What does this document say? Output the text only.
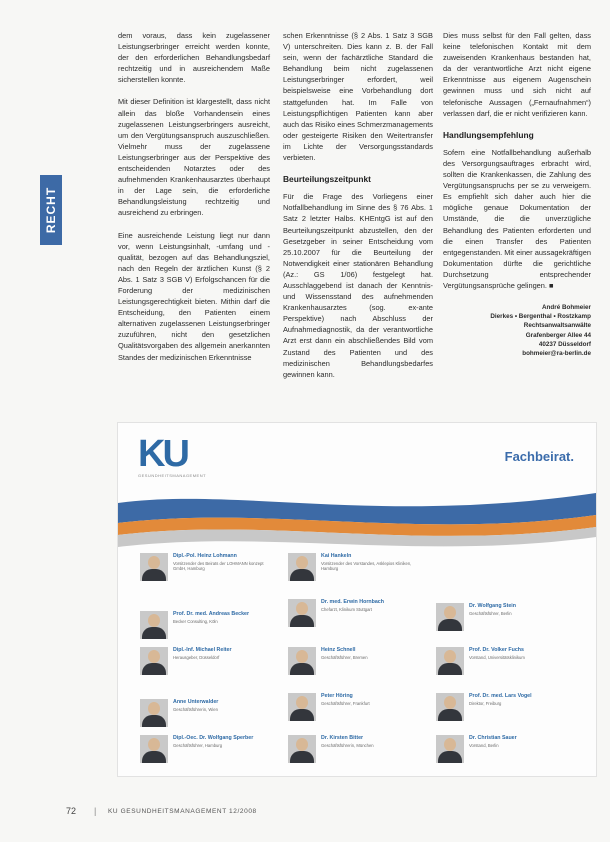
RECHT

dem voraus, dass kein zugelassener Leistungserbringer erreicht werden konnte, der den erforderlichen Behandlungsbedarf rechtzeitig und in ausreichendem Maße sicherstellen konnte.

Mit dieser Definition ist klargestellt, dass nicht allein das bloße Vorhandensein eines zugelassenen Leistungserbringers ausreicht, um den Vergütungsanspruch auszuschließen. Vielmehr muss der zugelassene Leistungserbringer aus der Perspektive des entscheidenden Notarztes oder des aufnehmenden Krankenhausarztes überhaupt in der Lage sein, die erforderliche Behandlungsleistung rechtzeitig und ausreichend zu erbringen.

Eine ausreichende Leistung liegt nur dann vor, wenn Leistungsinhalt, -umfang und -qualität, bezogen auf das Behandlungsziel, nach den Regeln der ärztlichen Kunst (§ 2 Abs. 1 Satz 3 SGB V) Erfolgschancen für die Forderung der medizinischen Leistungsgerechtigkeit bieten. Mithin darf die Entscheidung, den Patienten einem alternativen zugelassenen Leistungserbringer zuzuführen, nicht den gesetzlichen Qualitätsvorgaben des allgemein anerkannten Standes der medizinischen Erkenntnisse

schen Erkenntnisse (§ 2 Abs. 1 Satz 3 SGB V) unterschreiten. Dies kann z. B. der Fall sein, wenn der fachärztliche Standard die Behandlung beim nicht zugelassenen Leistungserbringer erfordert, weil beispielsweise eine Vorbehandlung dort stattgefunden hat. Im Falle von Leistungspflichtigen Patienten kann aber auch das Risiko eines Schmerzmanagements oder gesteigerte Risiken den Weitertransfer im Lichte der Versorgungsstandards verbieten.

Beurteilungszeitpunkt

Für die Frage des Vorliegens einer Notfallbehandlung im Sinne des § 76 Abs. 1 Satz 2 letzter Halbs. KHEntgG ist auf den Beurteilungszeitpunkt abzustellen, den der Gesetzgeber in seiner Entscheidung vom 25.10.2007 für die Beurteilung der Notwendigkeit einer stationären Behandlung (Az.: GS 1/06) festgelegt hat. Ausschlaggebend ist danach der Kenntnis- und Wissensstand des aufnehmenden Krankenhausarztes (sog. ex-ante Perspektive) nach Abschluss der Aufnahmediagnostik, da der verantwortliche Arzt erst dann ein abschließendes Bild vom Zustand des Patienten und des medizinischen Behandlungsbedarfes gewinnen kann.

Dies muss selbst für den Fall gelten, dass keine telefonischen Kontakt mit dem zuweisenden Krankenhaus bestanden hat, da der verantwortliche Arzt nicht eigene Erkenntnisse aus eigenem Augenschein gewinnen muss und sich nicht auf telefonische Aussagen („Fernaufnahmen“) verlassen darf, die er nicht verifizieren kann.

Handlungsempfehlung

Sofern eine Notfallbehandlung außerhalb des Versorgungsauftrages erbracht wird, sollten die Krankenkassen, die Zahlung des Vergütungsanspruchs per se zu verweigern. Es empfiehlt sich daher auch hier die mögliche genaue Dokumentation der Umstände, die die unverzügliche Behandlung des Patienten erforderten und die einen Transfer des Patienten entgegenstanden. Mit einer aussagekräftigen Dokumentation dürfte die gerichtliche Durchsetzung entsprechender Vergütungsansprüche gelingen. ■

André Bohmeier
Dierkes • Bergenthal • Rostzkamp
Rechtsanwaltsanwälte
Grafenberger Allee 44
40237 Düsseldorf
bohmeier@ra-berlin.de
KU
GESUNDHEITSMANAGEMENT
Fachbeirat.
Dipl.-Pol. Heinz Lohmann
Vorsitzender des Beirats der LOHMANN konzept GmbH, Hamburg
Kai Hankeln
Vorsitzender des Vorstandes, Asklepios Kliniken, Hamburg
Prof. Dr. med. Andreas Becker
Becker Consulting, Köln
Dr. med. Erwin Hornbach
Chefarzt, Klinikum Stuttgart
Dr. Wolfgang Stein
Geschäftsführer, Berlin
Dipl.-Inf. Michael Reiter
Herausgeber, Düsseldorf
Heinz Schnell
Geschäftsführer, Bremen
Prof. Dr. Volker Fuchs
Vorstand, Universitätsklinikum
Anne Unterwalder
Geschäftsführerin, Wien
Peter Höring
Geschäftsführer, Frankfurt
Prof. Dr. med. Lars Vogel
Direktor, Freiburg
Dipl.-Oec. Dr. Wolfgang Sperber
Geschäftsführer, Hamburg
Dr. Kirsten Bitter
Geschäftsführerin, München
Dr. Christian Sauer
Vorstand, Berlin
72 | KU GESUNDHEITSMANAGEMENT 12/2008
